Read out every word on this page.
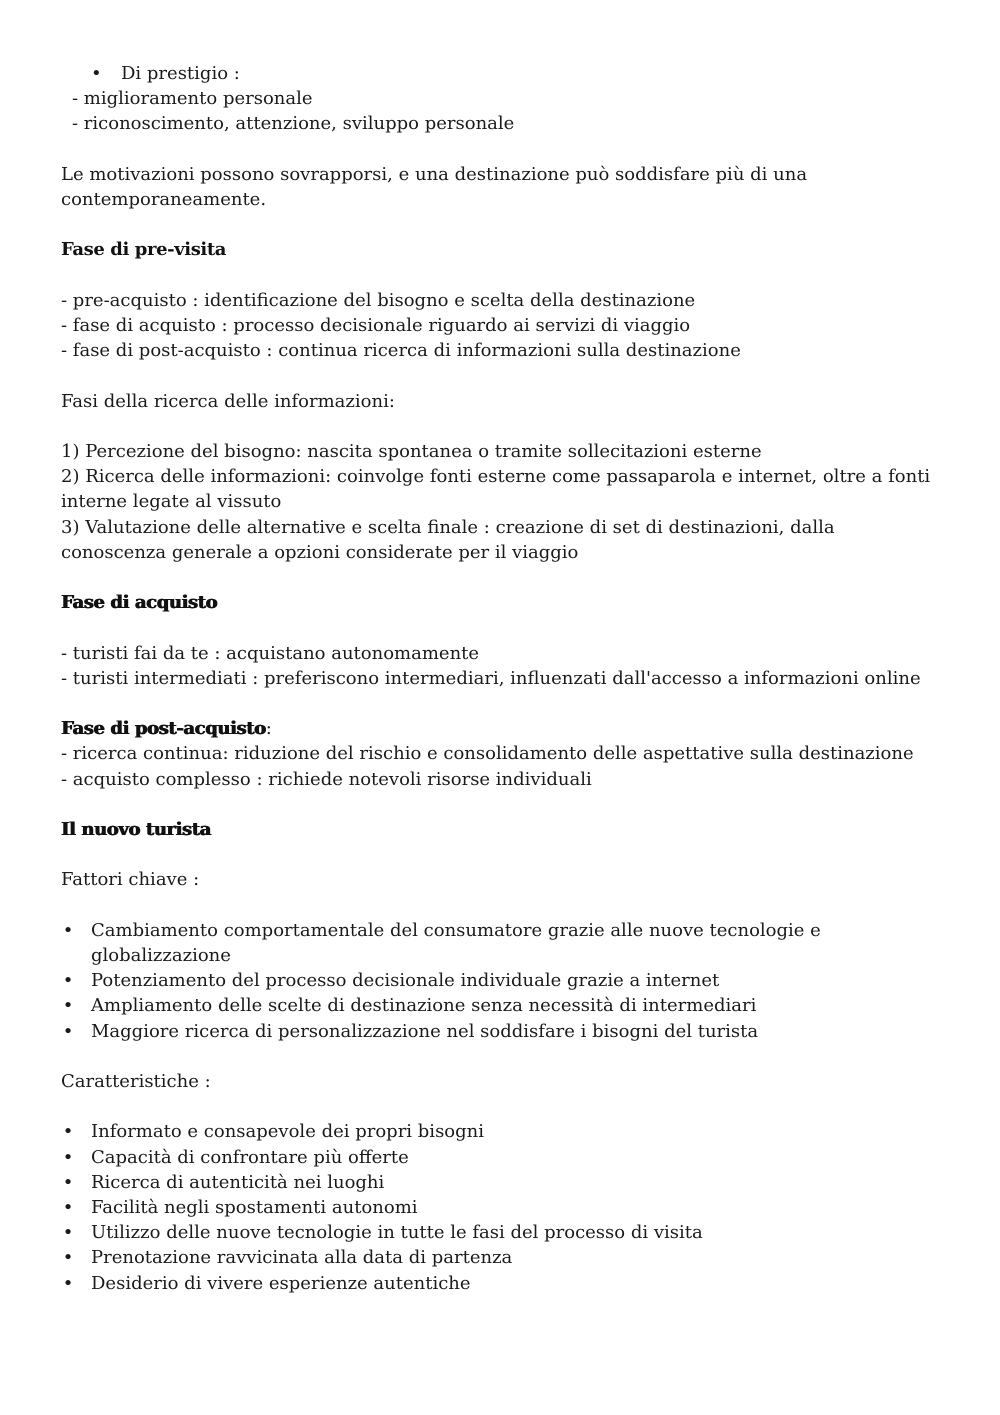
• Di prestigio :
- miglioramento personale
- riconoscimento, attenzione, sviluppo personale
Le motivazioni possono sovrapporsi, e una destinazione può soddisfare più di una contemporaneamente.
Fase di pre-visita
- pre-acquisto : identificazione del bisogno e scelta della destinazione
- fase di acquisto : processo decisionale riguardo ai servizi di viaggio
- fase di post-acquisto : continua ricerca di informazioni sulla destinazione
Fasi della ricerca delle informazioni:
1) Percezione del bisogno: nascita spontanea o tramite sollecitazioni esterne
2) Ricerca delle informazioni: coinvolge fonti esterne come passaparola e internet, oltre a fonti interne legate al vissuto
3) Valutazione delle alternative e scelta finale : creazione di set di destinazioni, dalla conoscenza generale a opzioni considerate per il viaggio
Fase di acquisto
- turisti fai da te : acquistano autonomamente
- turisti intermediati : preferiscono intermediari, influenzati dall'accesso a informazioni online
Fase di post-acquisto:
- ricerca continua: riduzione del rischio e consolidamento delle aspettative sulla destinazione
- acquisto complesso : richiede notevoli risorse individuali
Il nuovo turista
Fattori chiave :
• Cambiamento comportamentale del consumatore grazie alle nuove tecnologie e globalizzazione
• Potenziamento del processo decisionale individuale grazie a internet
• Ampliamento delle scelte di destinazione senza necessità di intermediari
• Maggiore ricerca di personalizzazione nel soddisfare i bisogni del turista
Caratteristiche :
• Informato e consapevole dei propri bisogni
• Capacità di confrontare più offerte
• Ricerca di autenticità nei luoghi
• Facilità negli spostamenti autonomi
• Utilizzo delle nuove tecnologie in tutte le fasi del processo di visita
• Prenotazione ravvicinata alla data di partenza
• Desiderio di vivere esperienze autentiche
